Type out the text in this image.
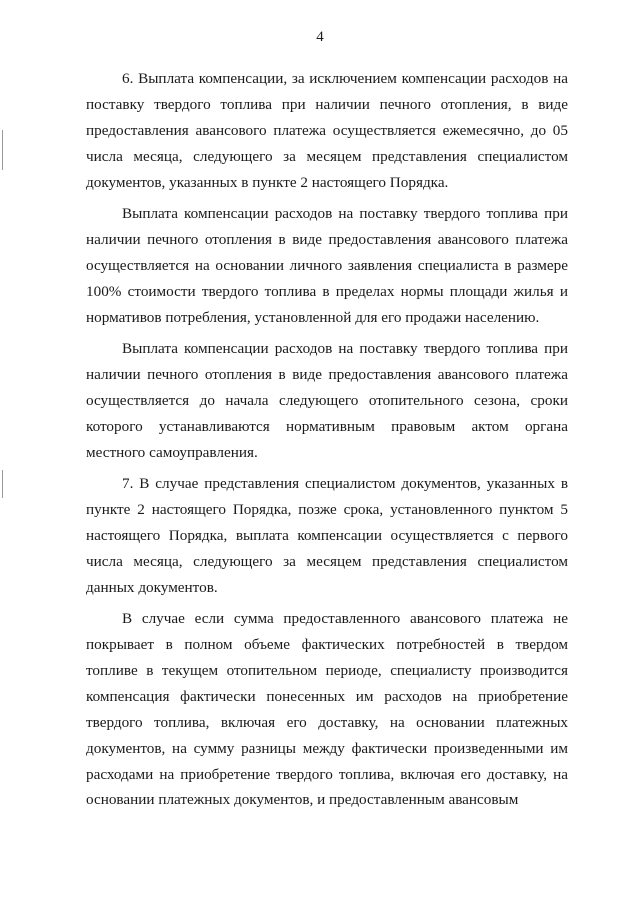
4

6. Выплата компенсации, за исключением компенсации расходов на поставку твердого топлива при наличии печного отопления, в виде предоставления авансового платежа осуществляется ежемесячно, до 05 числа месяца, следующего за месяцем представления специалистом документов, указанных в пункте 2 настоящего Порядка.

Выплата компенсации расходов на поставку твердого топлива при наличии печного отопления в виде предоставления авансового платежа осуществляется на основании личного заявления специалиста в размере 100% стоимости твердого топлива в пределах нормы площади жилья и нормативов потребления, установленной для его продажи населению.

Выплата компенсации расходов на поставку твердого топлива при наличии печного отопления в виде предоставления авансового платежа осуществляется до начала следующего отопительного сезона, сроки которого устанавливаются нормативным правовым актом органа местного самоуправления.

7. В случае представления специалистом документов, указанных в пункте 2 настоящего Порядка, позже срока, установленного пунктом 5 настоящего Порядка, выплата компенсации осуществляется с первого числа месяца, следующего за месяцем представления специалистом данных документов.

В случае если сумма предоставленного авансового платежа не покрывает в полном объеме фактических потребностей в твердом топливе в текущем отопительном периоде, специалисту производится компенсация фактически понесенных им расходов на приобретение твердого топлива, включая его доставку, на основании платежных документов, на сумму разницы между фактически произведенными им расходами на приобретение твердого топлива, включая его доставку, на основании платежных документов, и предоставленным авансовым
